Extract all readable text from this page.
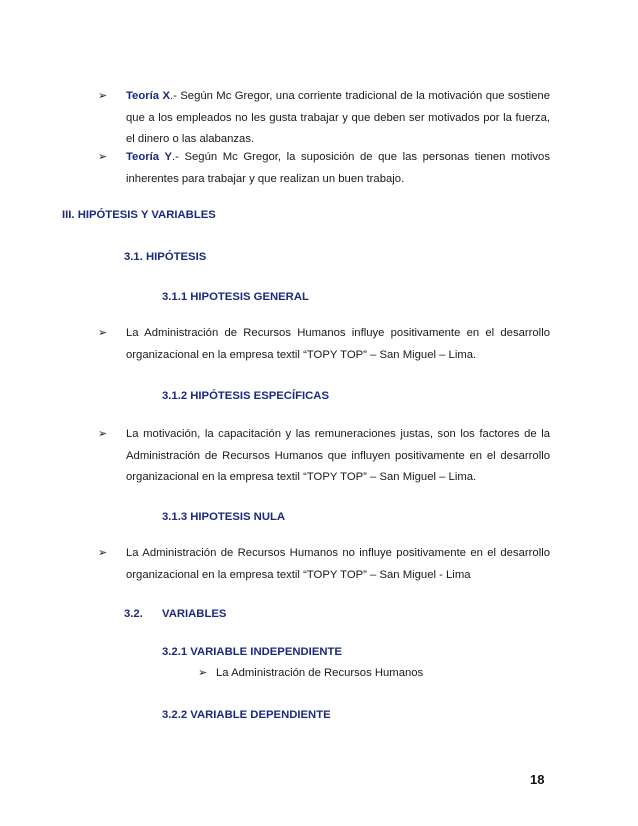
➢ Teoría X.- Según Mc Gregor, una corriente tradicional de la motivación que sostiene que a los empleados no les gusta trabajar y que deben ser motivados por la fuerza, el dinero o las alabanzas.

➢ Teoría Y.- Según Mc Gregor, la suposición de que las personas tienen motivos inherentes para trabajar y que realizan un buen trabajo.

III. HIPÓTESIS Y VARIABLES
3.1. HIPÓTESIS
3.1.1 HIPOTESIS GENERAL
➢ La Administración de Recursos Humanos influye positivamente en el desarrollo organizacional en la empresa textil “TOPY TOP” – San Miguel – Lima.

3.1.2 HIPÓTESIS ESPECÍFICAS
➢ La motivación, la capacitación y las remuneraciones justas, son los factores de la Administración de Recursos Humanos que influyen positivamente en el desarrollo organizacional en la empresa textil “TOPY TOP” – San Miguel – Lima.

3.1.3 HIPOTESIS NULA
➢ La Administración de Recursos Humanos no influye positivamente en el desarrollo organizacional en la empresa textil “TOPY TOP” – San Miguel - Lima

3.2. VARIABLES
3.2.1 VARIABLE INDEPENDIENTE
➢ La Administración de Recursos Humanos

3.2.2 VARIABLE DEPENDIENTE
18
